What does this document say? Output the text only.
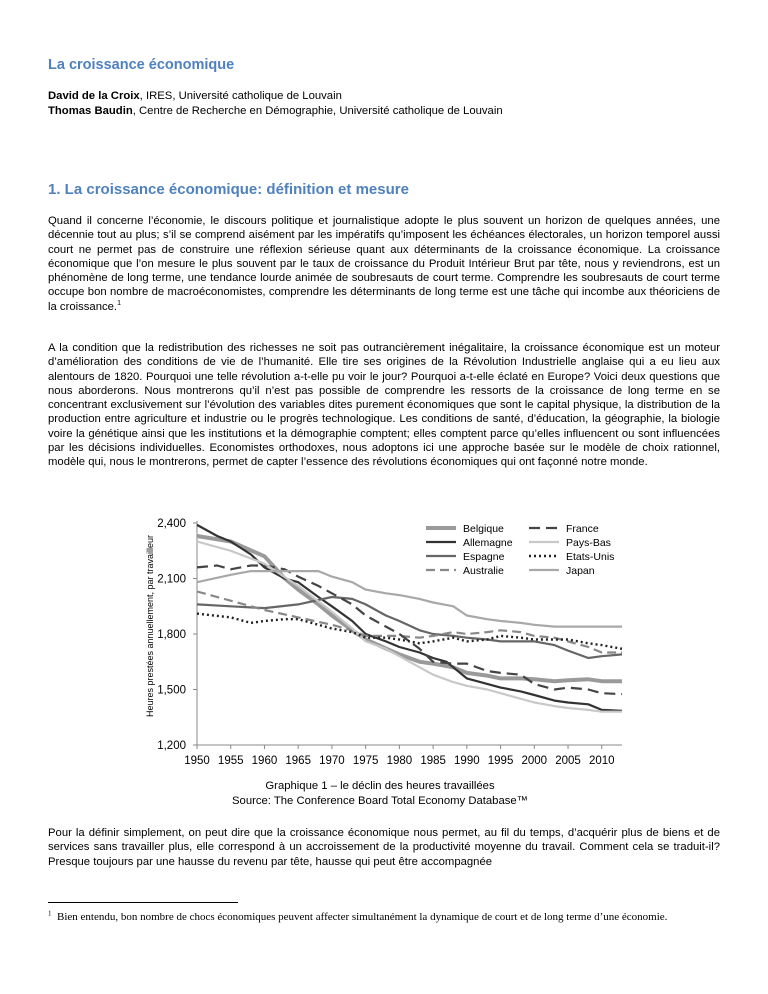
La croissance économique
David de la Croix, IRES, Université catholique de Louvain
Thomas Baudin, Centre de Recherche en Démographie, Université catholique de Louvain
1. La croissance économique: définition et mesure
Quand il concerne l’économie, le discours politique et journalistique adopte le plus souvent un horizon de quelques années, une décennie tout au plus; s’il se comprend aisément par les impératifs qu’imposent les échéances électorales, un horizon temporel aussi court ne permet pas de construire une réflexion sérieuse quant aux déterminants de la croissance économique. La croissance économique que l’on mesure le plus souvent par le taux de croissance du Produit Intérieur Brut par tête, nous y reviendrons, est un phénomène de long terme, une tendance lourde animée de soubresauts de court terme. Comprendre les soubresauts de court terme occupe bon nombre de macroéconomistes, comprendre les déterminants de long terme est une tâche qui incombe aux théoriciens de la croissance.$^1$
A la condition que la redistribution des richesses ne soit pas outrancièrement inégalitaire, la croissance économique est un moteur d’amélioration des conditions de vie de l’humanité. Elle tire ses origines de la Révolution Industrielle anglaise qui a eu lieu aux alentours de 1820. Pourquoi une telle révolution a-t-elle pu voir le jour? Pourquoi a-t-elle éclaté en Europe? Voici deux questions que nous aborderons. Nous montrerons qu’il n’est pas possible de comprendre les ressorts de la croissance de long terme en se concentrant exclusivement sur l’évolution des variables dites purement économiques que sont le capital physique, la distribution de la production entre agriculture et industrie ou le progrès technologique. Les conditions de santé, d’éducation, la géographie, la biologie voire la génétique ainsi que les institutions et la démographie comptent; elles comptent parce qu’elles influencent ou sont influencées par les décisions individuelles. Economistes orthodoxes, nous adoptons ici une approche basée sur le modèle de choix rationnel, modèle qui, nous le montrerons, permet de capter l’essence des révolutions économiques qui ont façonné notre monde.
1,200
1,500
1,800
2,100
2,400
1950 1955 1960 1965 1970 1975 1980 1985 1990 1995 2000 2005 2010
Heures prestées annuellement, par travailleur
Belgique
Allemagne
Espagne
Australie
France
Pays-Bas
Etats-Unis
Japan
Graphique 1 – le déclin des heures travaillées
Source: The Conference Board Total Economy Database™
Pour la définir simplement, on peut dire que la croissance économique nous permet, au fil du temps, d’acquérir plus de biens et de services sans travailler plus, elle correspond à un accroissement de la productivité moyenne du travail. Comment cela se traduit-il? Presque toujours par une hausse du revenu par tête, hausse qui peut être accompagnée
$^1$ Bien entendu, bon nombre de chocs économiques peuvent affecter simultanément la dynamique de court et de long terme d’une économie.
